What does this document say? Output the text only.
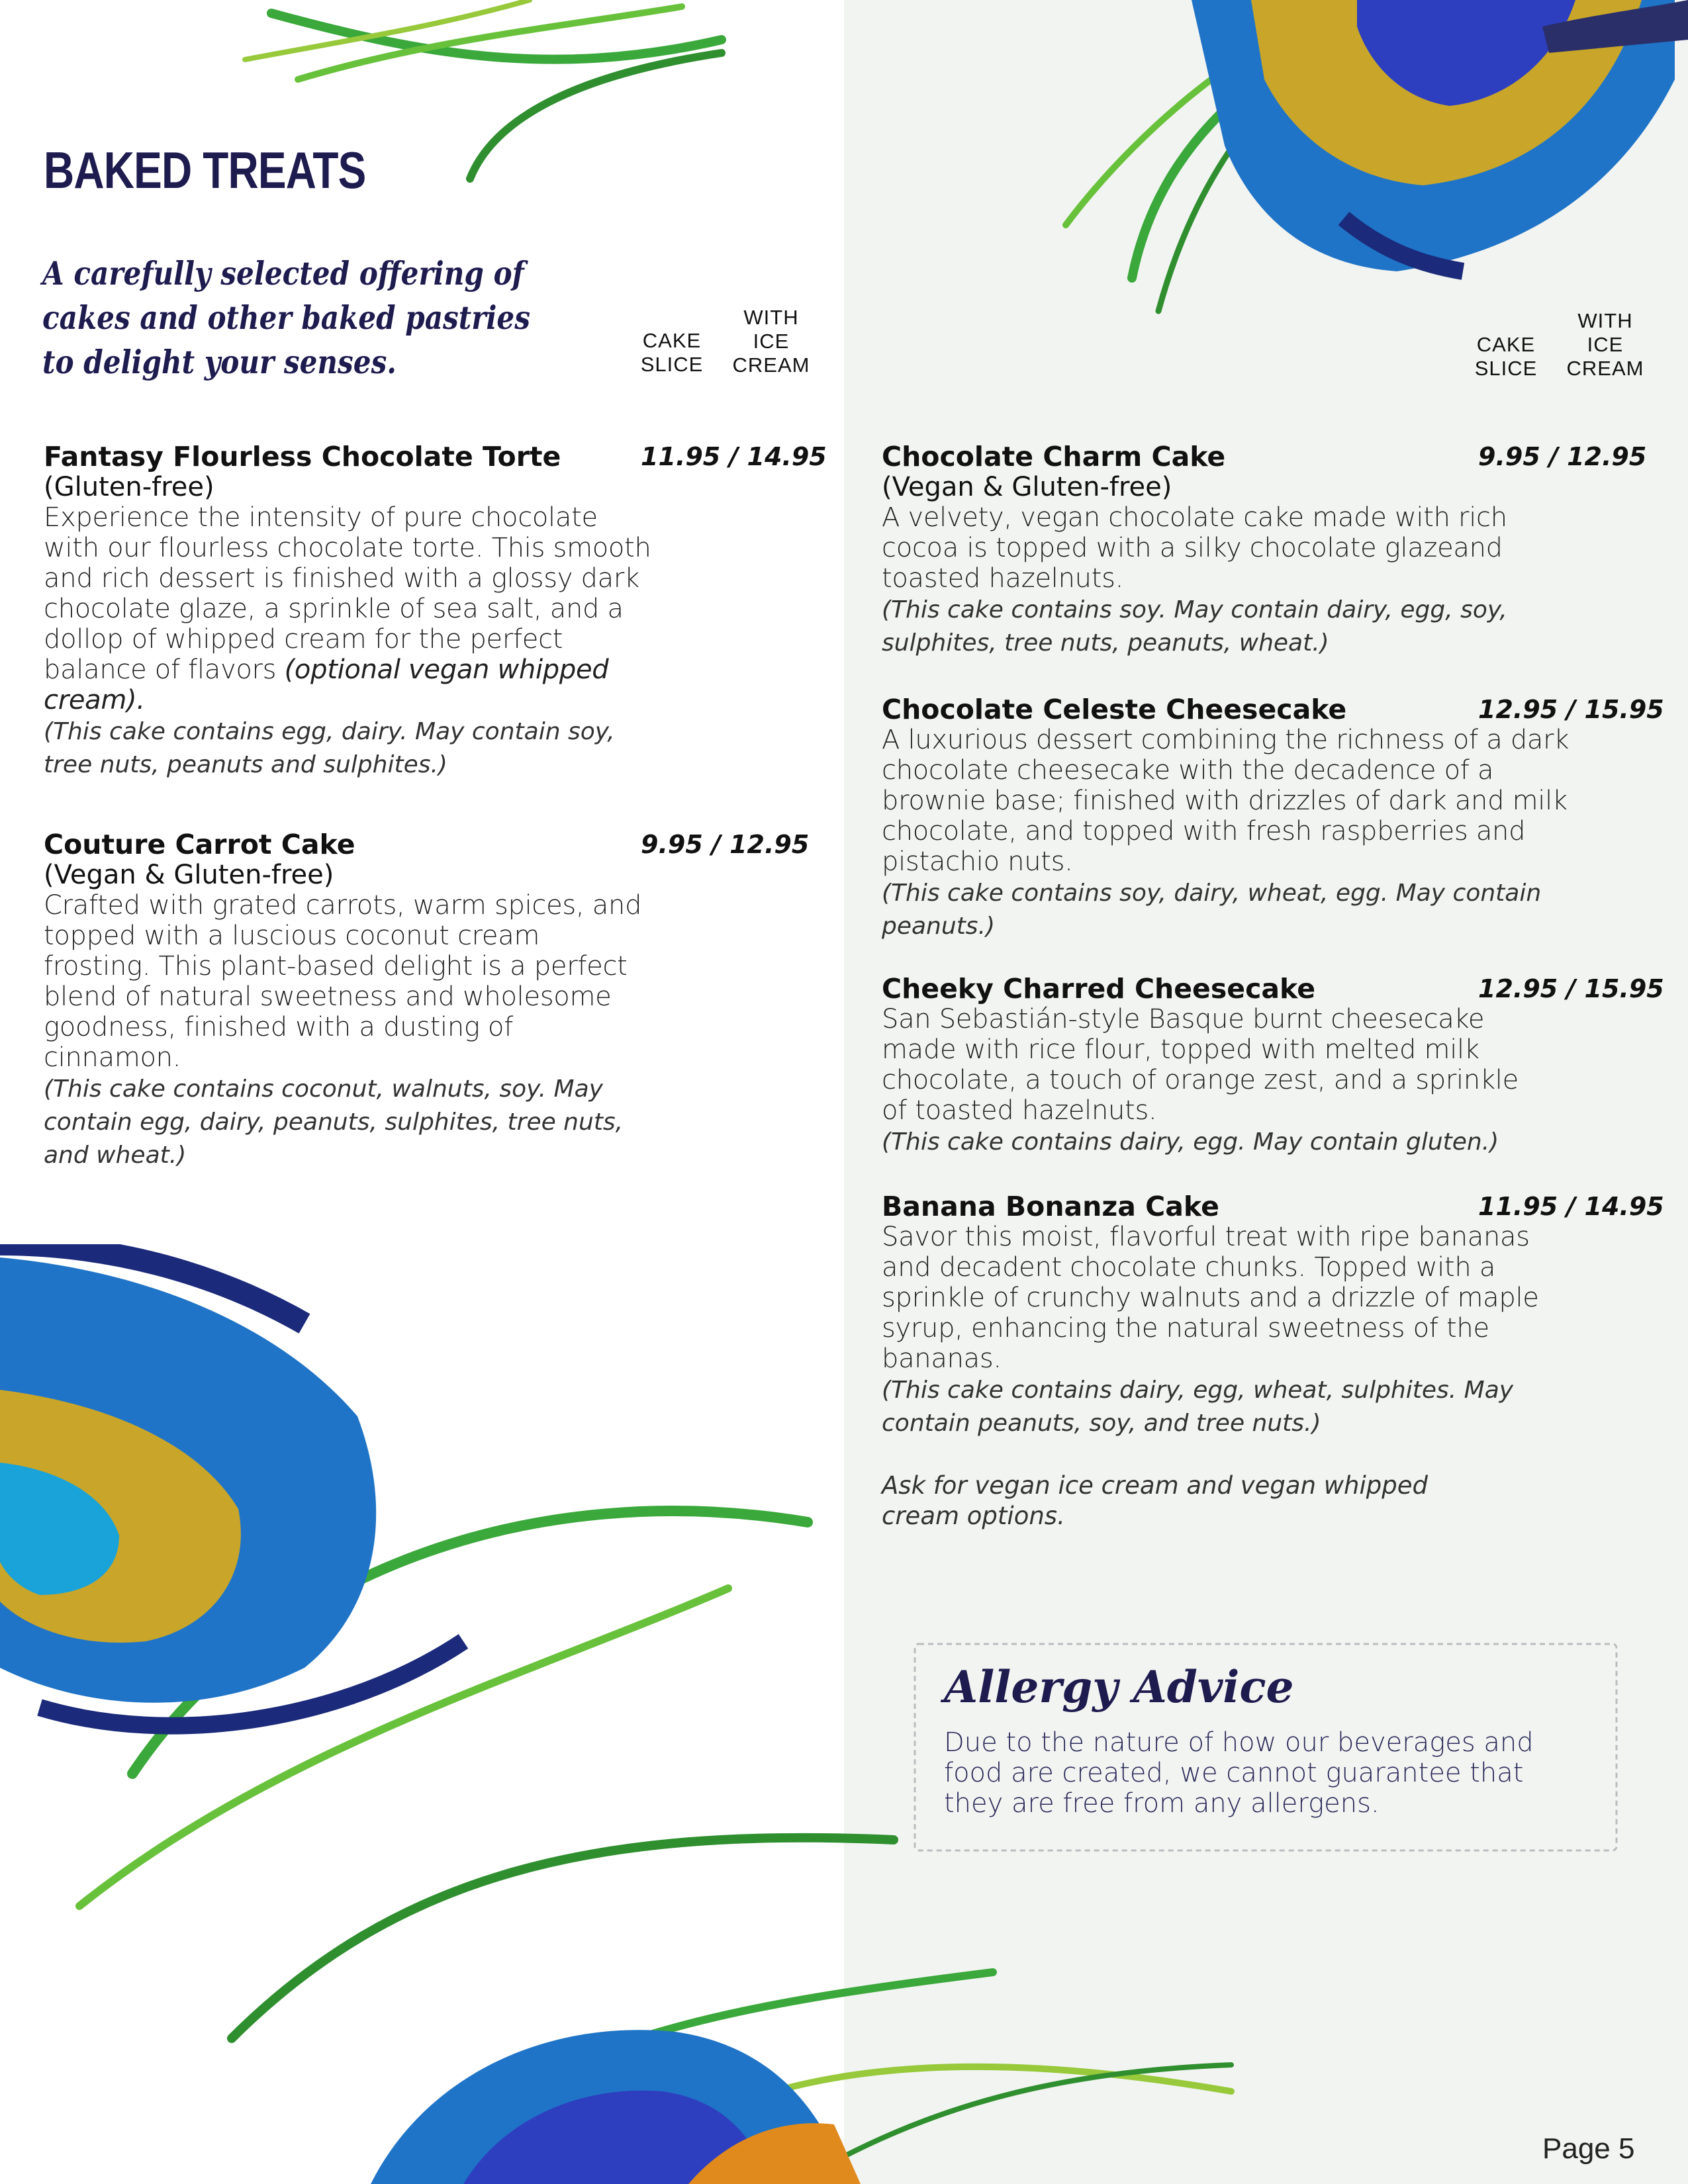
BAKED TREATS
A carefully selected offering of cakes and other baked pastries to delight your senses.
CAKE
SLICE
WITH
ICE
CREAM
CAKE
SLICE
WITH
ICE
CREAM
Fantasy Flourless Chocolate Torte
(Gluten-free)
Experience the intensity of pure chocolate with our flourless chocolate torte. This smooth and rich dessert is finished with a glossy dark chocolate glaze, a sprinkle of sea salt, and a dollop of whipped cream for the perfect balance of flavors (optional vegan whipped cream).
(This cake contains egg, dairy. May contain soy, tree nuts, peanuts and sulphites.)
11.95 / 14.95
Couture Carrot Cake
(Vegan & Gluten-free)
Crafted with grated carrots, warm spices, and topped with a luscious coconut cream frosting. This plant-based delight is a perfect blend of natural sweetness and wholesome goodness, finished with a dusting of cinnamon.
(This cake contains coconut, walnuts, soy. May contain egg, dairy, peanuts, sulphites, tree nuts, and wheat.)
9.95 / 12.95
Chocolate Charm Cake
(Vegan & Gluten-free)
A velvety, vegan chocolate cake made with rich cocoa is topped with a silky chocolate glazeand toasted hazelnuts.
(This cake contains soy. May contain dairy, egg, soy, sulphites, tree nuts, peanuts, wheat.)
9.95 / 12.95
Chocolate Celeste Cheesecake
A luxurious dessert combining the richness of a dark chocolate cheesecake with the decadence of a brownie base; finished with drizzles of dark and milk chocolate, and topped with fresh raspberries and pistachio nuts.
(This cake contains soy, dairy, wheat, egg. May contain peanuts.)
12.95 / 15.95
Cheeky Charred Cheesecake
San Sebastián-style Basque burnt cheesecake made with rice flour, topped with melted milk chocolate, a touch of orange zest, and a sprinkle of toasted hazelnuts.
(This cake contains dairy, egg. May contain gluten.)
12.95 / 15.95
Banana Bonanza Cake
Savor this moist, flavorful treat with ripe bananas and decadent chocolate chunks. Topped with a sprinkle of crunchy walnuts and a drizzle of maple syrup, enhancing the natural sweetness of the bananas.
(This cake contains dairy, egg, wheat, sulphites. May contain peanuts, soy, and tree nuts.)
11.95 / 14.95
Ask for vegan ice cream and vegan whipped cream options.
Allergy Advice
Due to the nature of how our beverages and food are created, we cannot guarantee that they are free from any allergens.
Page 5
